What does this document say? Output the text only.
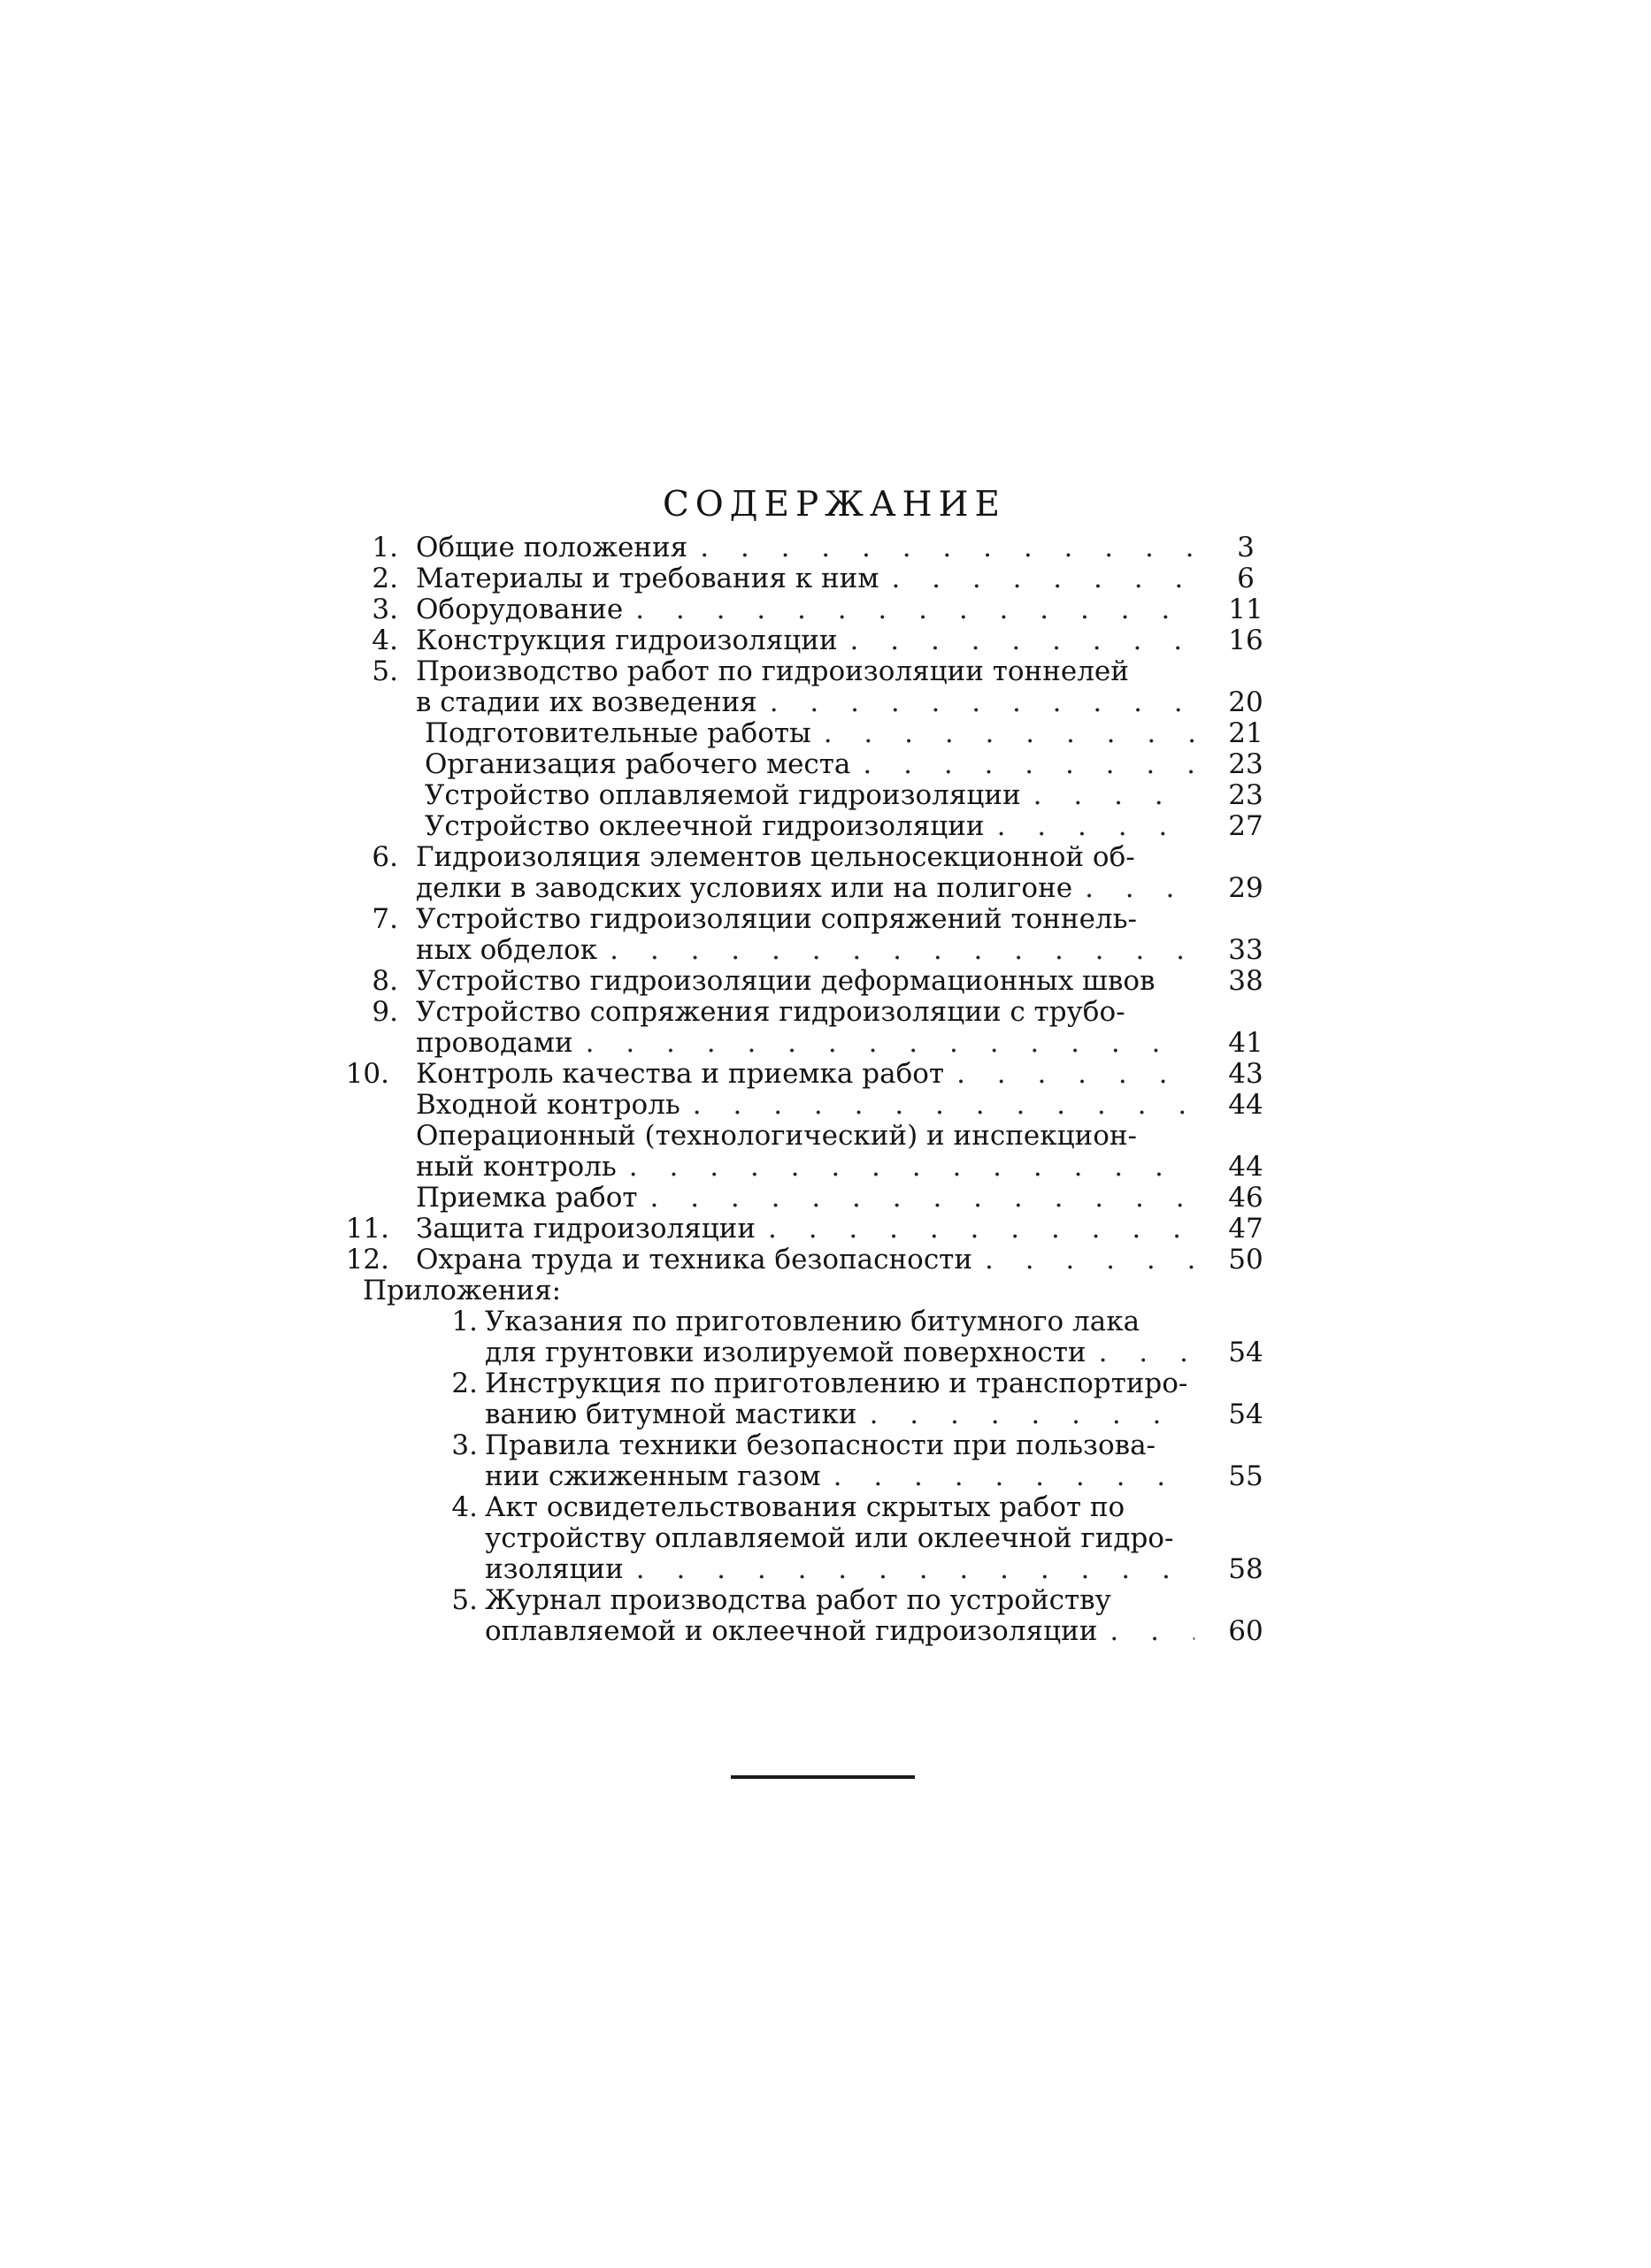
СОДЕРЖАНИЕ
1. Общие положения . . .	3
2. Материалы и требования к ним . . .	6
3. Оборудование . . .	11
4. Конструкция гидроизоляции . . .	16
5. Производство работ по гидроизоляции тоннелей
в стадии их возведения . . .	20
Подготовительные работы . . .	21
Организация рабочего места . . .	23
Устройство оплавляемой гидроизоляции . . .	23
Устройство оклеечной гидроизоляции . . .	27
6. Гидроизоляция элементов цельносекционной об-
делки в заводских условиях или на полигоне . . .	29
7. Устройство гидроизоляции сопряжений тоннель-
ных обделок . . .	33
8. Устройство гидроизоляции деформационных швов	38
9. Устройство сопряжения гидроизоляции с трубо-
проводами . . .	41
10. Контроль качества и приемка работ . . .	43
Входной контроль . . .	44
Операционный (технологический) и инспекцион-
ный контроль . . .	44
Приемка работ . . .	46
11. Защита гидроизоляции . . .	47
12. Охрана труда и техника безопасности . . .	50
Приложения:
1. Указания по приготовлению битумного лака
для грунтовки изолируемой поверхности . . .	54
2. Инструкция по приготовлению и транспортиро-
ванию битумной мастики . . .	54
3. Правила техники безопасности при пользова-
нии сжиженным газом . . .	55
4. Акт освидетельствования скрытых работ по
устройству оплавляемой или оклеечной гидро-
изоляции . . .	58
5. Журнал производства работ по устройству
оплавляемой и оклеечной гидроизоляции . . .	60
